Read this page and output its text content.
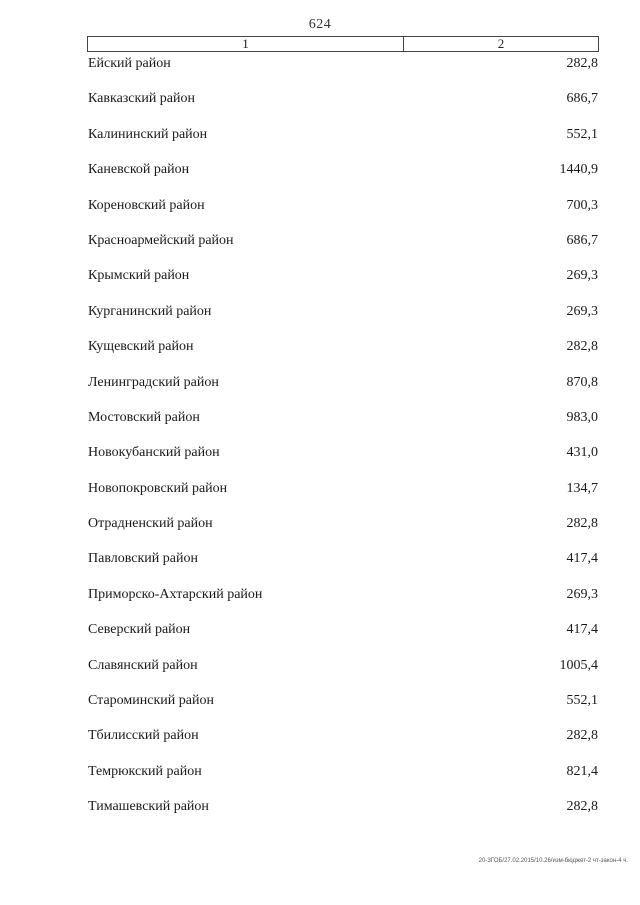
624
1	2
Ейский район	282,8
Кавказский район	686,7
Калининский район	552,1
Каневской район	1440,9
Кореновский район	700,3
Красноармейский район	686,7
Крымский район	269,3
Курганинский район	269,3
Кущевский район	282,8
Ленинградский район	870,8
Мостовский район	983,0
Новокубанский район	431,0
Новопокровский район	134,7
Отрадненский район	282,8
Павловский район	417,4
Приморско-Ахтарский район	269,3
Северский район	417,4
Славянский район	1005,4
Староминский район	552,1
Тбилисский район	282,8
Темрюкский район	821,4
Тимашевский район	282,8
20-ЗГОБ/27.02.2015/10.26/изм-бюджет-2 чт-закон-4 ч.
